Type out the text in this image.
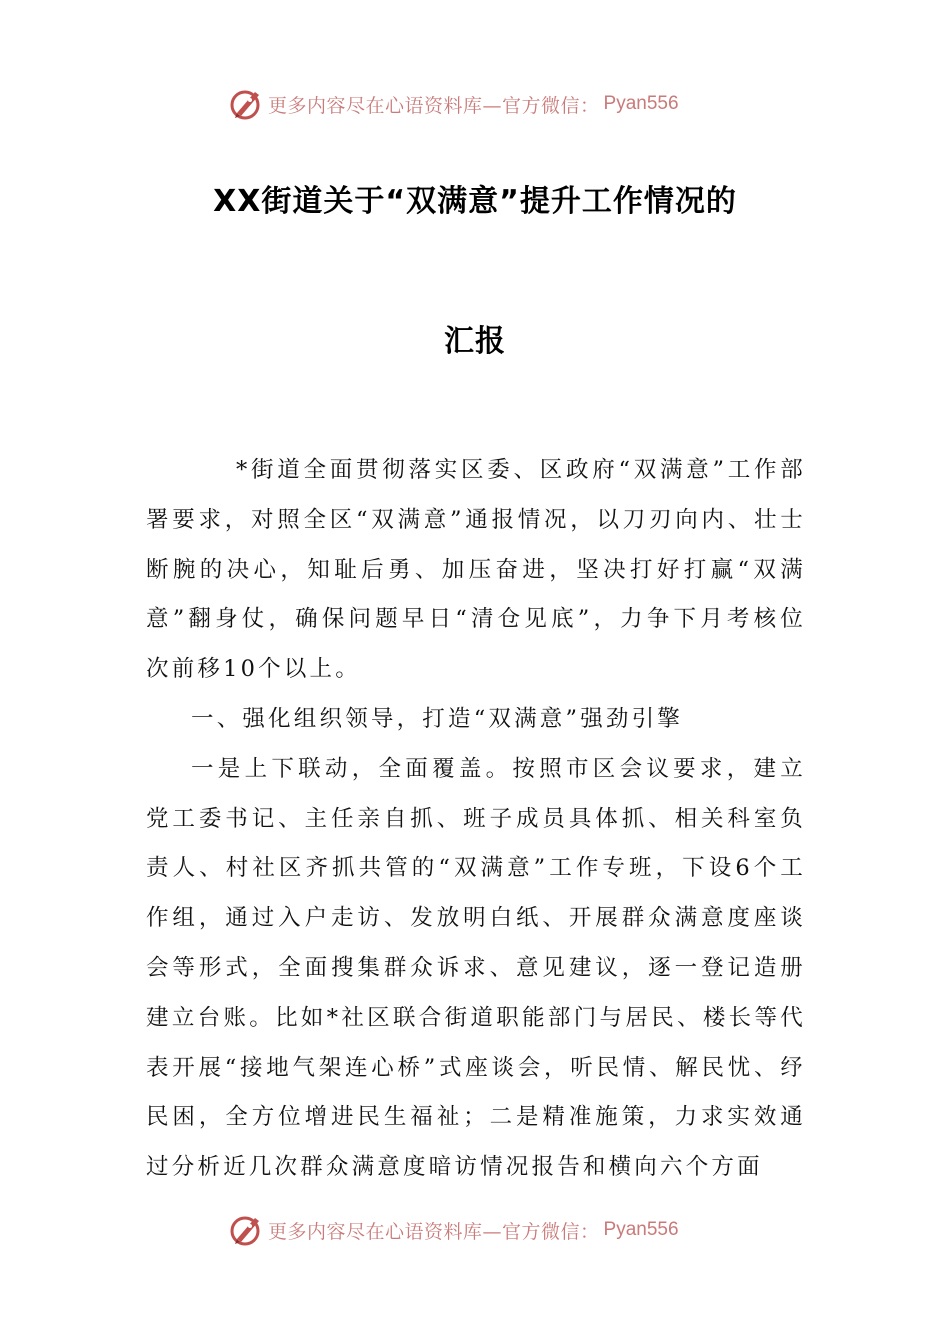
更多内容尽在心语资料库—官方微信： Pyan556
XX街道关于“双满意”提升工作情况的
汇报

*街道全面贯彻落实区委、区政府“双满意”工作部署要求，对照全区“双满意”通报情况，以刀刃向内、壮士断腕的决心，知耻后勇、加压奋进，坚决打好打赢“双满意”翻身仗，确保问题早日“清仓见底”，力争下月考核位次前移10个以上。

一、强化组织领导，打造“双满意”强劲引擎

一是上下联动，全面覆盖。按照市区会议要求，建立党工委书记、主任亲自抓、班子成员具体抓、相关科室负责人、村社区齐抓共管的“双满意”工作专班，下设6个工作组，通过入户走访、发放明白纸、开展群众满意度座谈会等形式，全面搜集群众诉求、意见建议，逐一登记造册建立台账。比如*社区联合街道职能部门与居民、楼长等代表开展“接地气架连心桥”式座谈会，听民情、解民忧、纾民困，全方位增进民生福祉；二是精准施策，力求实效通过分析近几次群众满意度暗访情况报告和横向六个方面

更多内容尽在心语资料库—官方微信： Pyan556
